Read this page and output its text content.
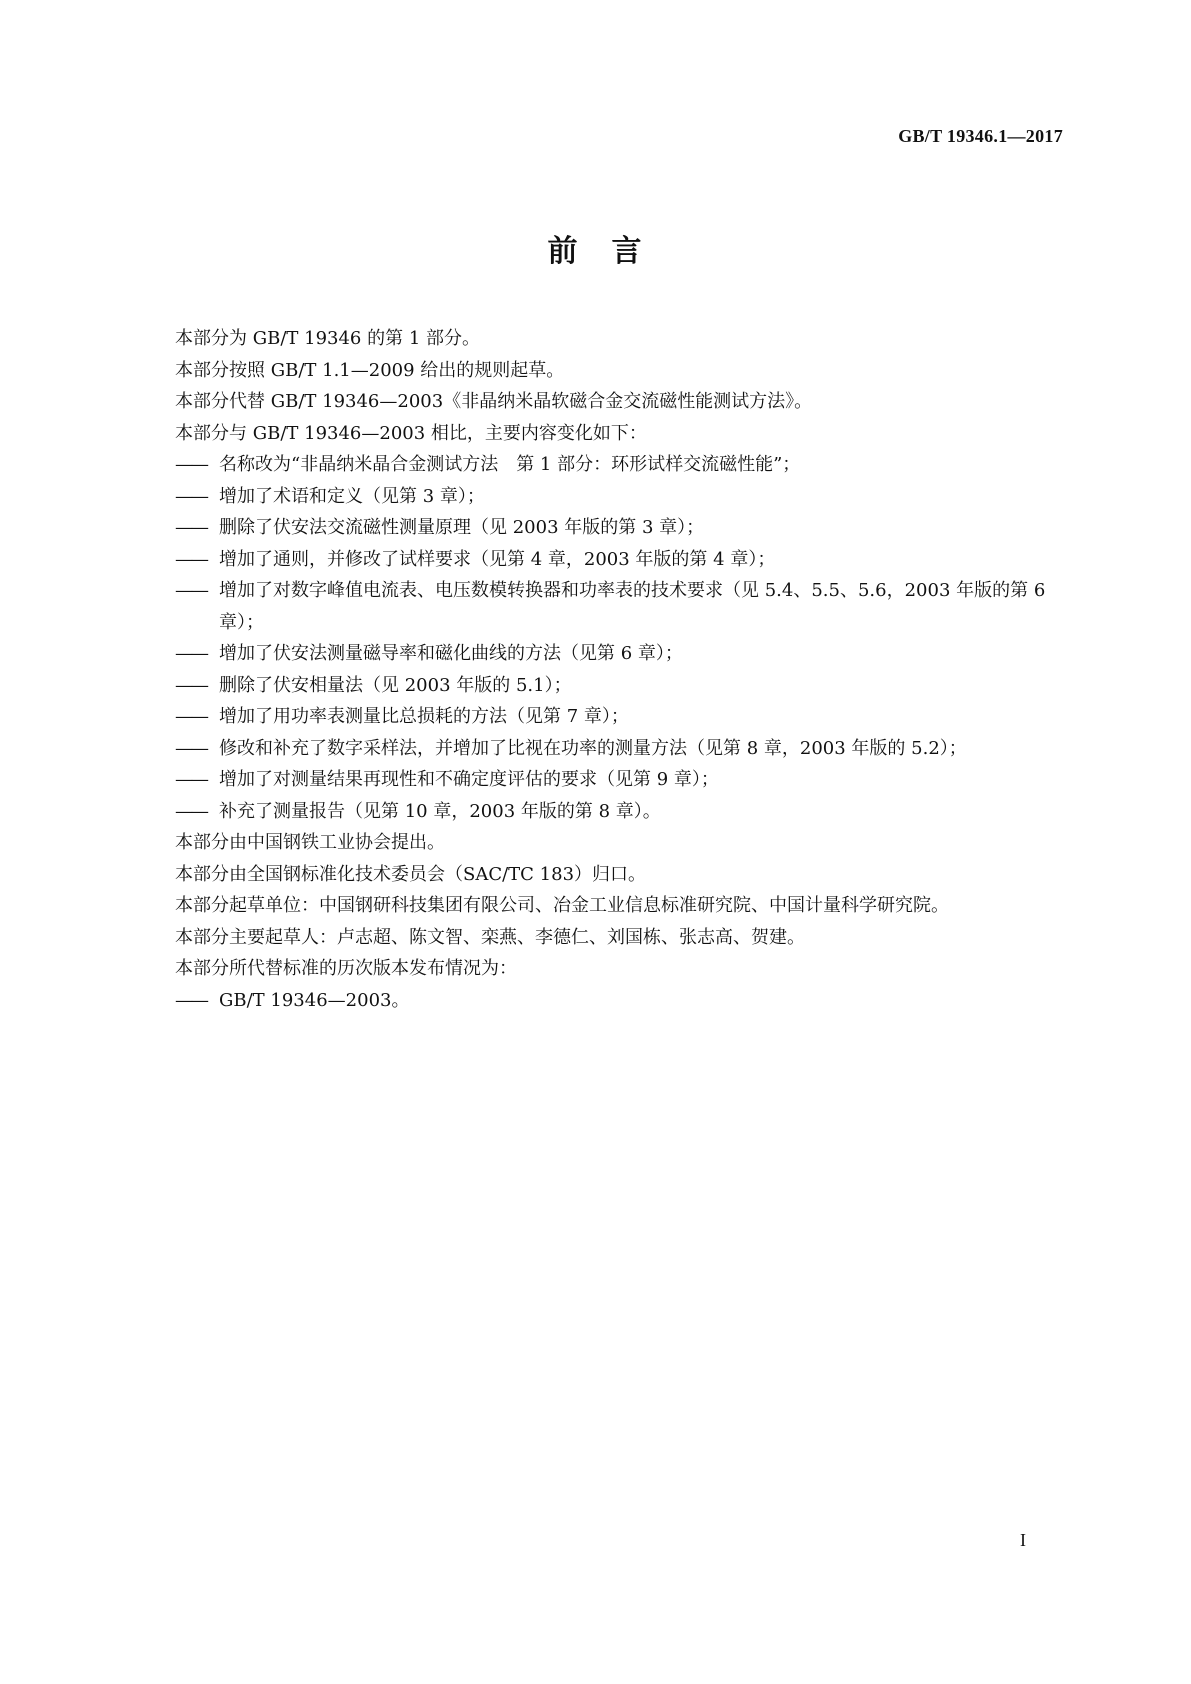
GB/T 19346.1—2017
前　言

本部分为 GB/T 19346 的第 1 部分。

本部分按照 GB/T 1.1—2009 给出的规则起草。

本部分代替 GB/T 19346—2003《非晶纳米晶软磁合金交流磁性能测试方法》。

本部分与 GB/T 19346—2003 相比，主要内容变化如下：

—— 名称改为“非晶纳米晶合金测试方法　第 1 部分：环形试样交流磁性能”；
—— 增加了术语和定义（见第 3 章）；
—— 删除了伏安法交流磁性测量原理（见 2003 年版的第 3 章）；
—— 增加了通则，并修改了试样要求（见第 4 章，2003 年版的第 4 章）；
—— 增加了对数字峰值电流表、电压数模转换器和功率表的技术要求（见 5.4、5.5、5.6，2003 年版的第 6 章）；
—— 增加了伏安法测量磁导率和磁化曲线的方法（见第 6 章）；
—— 删除了伏安相量法（见 2003 年版的 5.1）；
—— 增加了用功率表测量比总损耗的方法（见第 7 章）；
—— 修改和补充了数字采样法，并增加了比视在功率的测量方法（见第 8 章，2003 年版的 5.2）；
—— 增加了对测量结果再现性和不确定度评估的要求（见第 9 章）；
—— 补充了测量报告（见第 10 章，2003 年版的第 8 章）。

本部分由中国钢铁工业协会提出。

本部分由全国钢标准化技术委员会（SAC/TC 183）归口。

本部分起草单位：中国钢研科技集团有限公司、冶金工业信息标准研究院、中国计量科学研究院。

本部分主要起草人：卢志超、陈文智、栾燕、李德仁、刘国栋、张志高、贺建。

本部分所代替标准的历次版本发布情况为：

—— GB/T 19346—2003。
I
